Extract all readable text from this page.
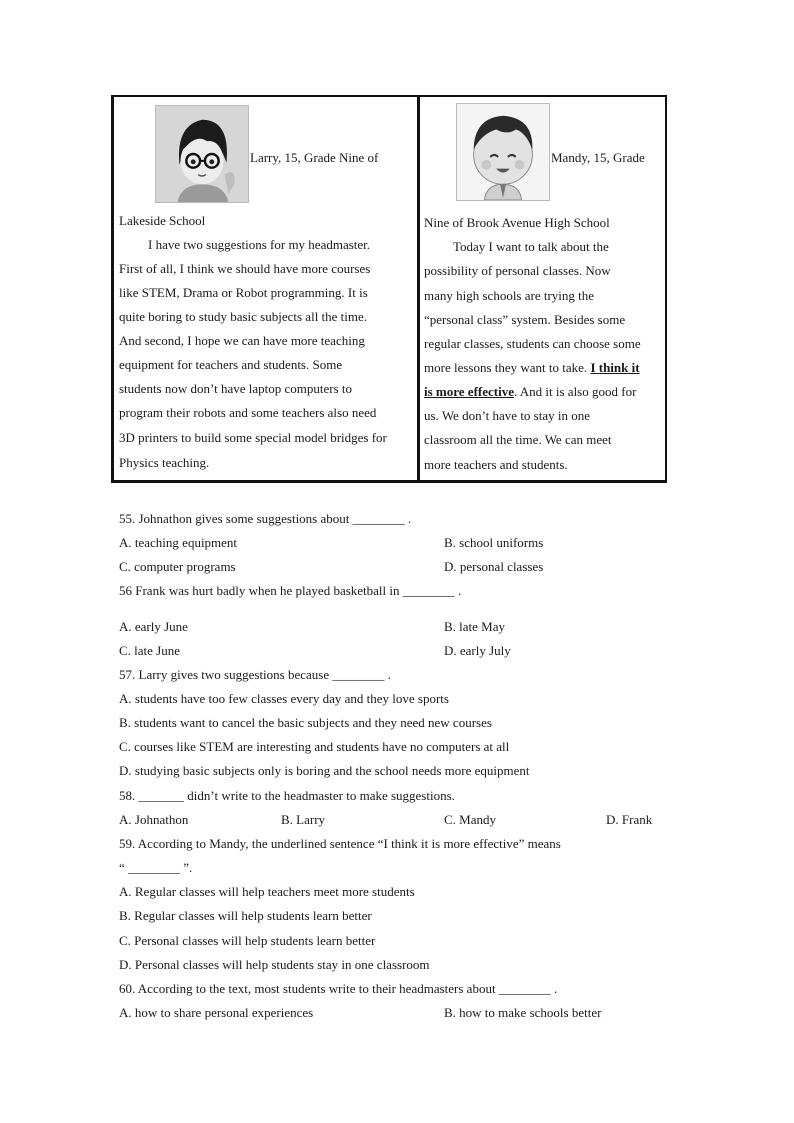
Larry, 15, Grade Nine of
Lakeside School
I have two suggestions for my headmaster.
First of all, I think we should have more courses
like STEM, Drama or Robot programming. It is
quite boring to study basic subjects all the time.
And second, I hope we can have more teaching
equipment for teachers and students. Some
students now don’t have laptop computers to
program their robots and some teachers also need
3D printers to build some special model bridges for
Physics teaching.
Mandy, 15, Grade
Nine of Brook Avenue High School
Today I want to talk about the
possibility of personal classes. Now
many high schools are trying the
“personal class” system. Besides some
regular classes, students can choose some
more lessons they want to take. I think it
is more effective. And it is also good for
us. We don’t have to stay in one
classroom all the time. We can meet
more teachers and students.
55. Johnathon gives some suggestions about ________ .
A. teaching equipment	B. school uniforms
C. computer programs	D. personal classes
56 Frank was hurt badly when he played basketball in ________ .
A. early June	B. late May
C. late June	D. early July
57. Larry gives two suggestions because ________ .
A. students have too few classes every day and they love sports
B. students want to cancel the basic subjects and they need new courses
C. courses like STEM are interesting and students have no computers at all
D. studying basic subjects only is boring and the school needs more equipment
58. _______ didn’t write to the headmaster to make suggestions.
A. Johnathon	B. Larry	C. Mandy	D. Frank
59. According to Mandy, the underlined sentence “I think it is more effective” means
“ ________ ”.
A. Regular classes will help teachers meet more students
B. Regular classes will help students learn better
C. Personal classes will help students learn better
D. Personal classes will help students stay in one classroom
60. According to the text, most students write to their headmasters about ________ .
A. how to share personal experiences	B. how to make schools better
